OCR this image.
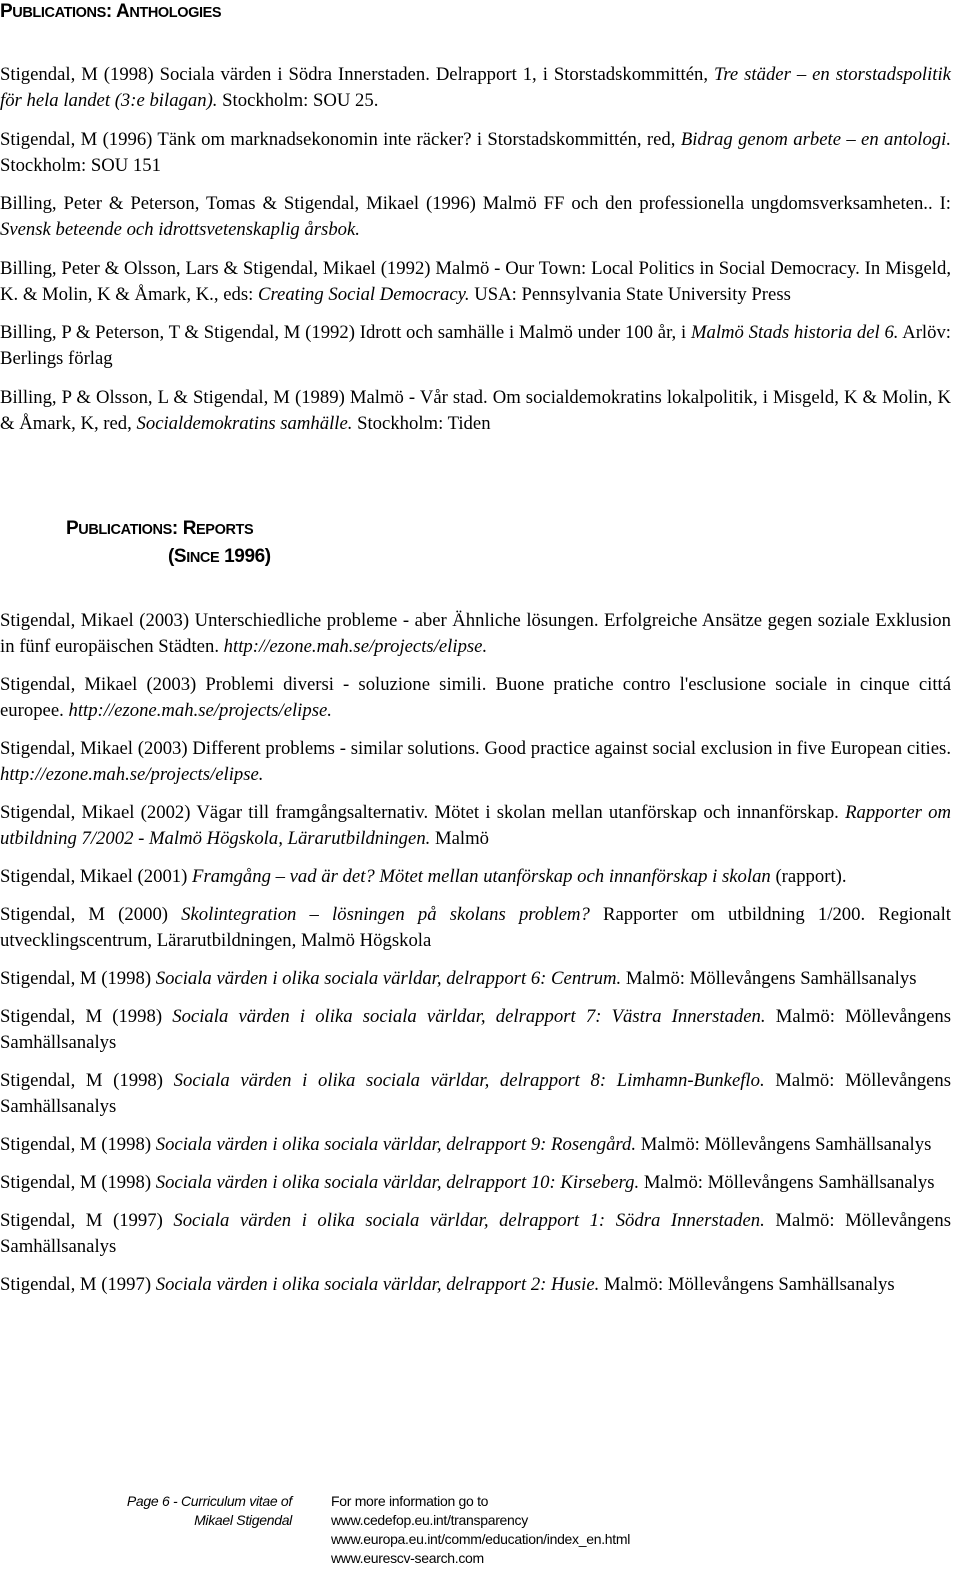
PUBLICATIONS: ANTHOLOGIES

Stigendal, M (1998) Sociala värden i Södra Innerstaden. Delrapport 1, i Storstadskommittén, Tre städer – en storstadspolitik för hela landet (3:e bilagan). Stockholm: SOU 25.

Stigendal, M (1996) Tänk om marknadsekonomin inte räcker? i Storstadskommittén, red, Bidrag genom arbete – en antologi. Stockholm: SOU 151

Billing, Peter & Peterson, Tomas & Stigendal, Mikael (1996) Malmö FF och den professionella ungdomsverksamheten.. I: Svensk beteende och idrottsvetenskaplig årsbok.

Billing, Peter & Olsson, Lars & Stigendal, Mikael (1992) Malmö - Our Town: Local Politics in Social Democracy. In Misgeld, K. & Molin, K & Åmark, K., eds: Creating Social Democracy. USA: Pennsylvania State University Press

Billing, P & Peterson, T & Stigendal, M (1992) Idrott och samhälle i Malmö under 100 år, i Malmö Stads historia del 6. Arlöv: Berlings förlag

Billing, P & Olsson, L & Stigendal, M (1989) Malmö - Vår stad. Om socialdemokratins lokalpolitik, i Misgeld, K & Molin, K & Åmark, K, red, Socialdemokratins samhälle. Stockholm: Tiden

PUBLICATIONS: REPORTS
(SINCE 1996)

Stigendal, Mikael (2003) Unterschiedliche probleme - aber Ähnliche lösungen. Erfolgreiche Ansätze gegen soziale Exklusion in fünf europäischen Städten. http://ezone.mah.se/projects/elipse.

Stigendal, Mikael (2003) Problemi diversi - soluzione simili. Buone pratiche contro l'esclusione sociale in cinque cittá europee. http://ezone.mah.se/projects/elipse.

Stigendal, Mikael (2003) Different problems - similar solutions. Good practice against social exclusion in five European cities. http://ezone.mah.se/projects/elipse.

Stigendal, Mikael (2002) Vägar till framgångsalternativ. Mötet i skolan mellan utanförskap och innanförskap. Rapporter om utbildning 7/2002 - Malmö Högskola, Lärarutbildningen. Malmö

Stigendal, Mikael (2001) Framgång – vad är det? Mötet mellan utanförskap och innanförskap i skolan (rapport).

Stigendal, M (2000) Skolintegration – lösningen på skolans problem? Rapporter om utbildning 1/200. Regionalt utvecklingscentrum, Lärarutbildningen, Malmö Högskola

Stigendal, M (1998) Sociala värden i olika sociala världar, delrapport 6: Centrum. Malmö: Möllevångens Samhällsanalys

Stigendal, M (1998) Sociala värden i olika sociala världar, delrapport 7: Västra Innerstaden. Malmö: Möllevångens Samhällsanalys

Stigendal, M (1998) Sociala värden i olika sociala världar, delrapport 8: Limhamn-Bunkeflo. Malmö: Möllevångens Samhällsanalys

Stigendal, M (1998) Sociala värden i olika sociala världar, delrapport 9: Rosengård. Malmö: Möllevångens Samhällsanalys

Stigendal, M (1998) Sociala värden i olika sociala världar, delrapport 10: Kirseberg. Malmö: Möllevångens Samhällsanalys

Stigendal, M (1997) Sociala värden i olika sociala världar, delrapport 1: Södra Innerstaden. Malmö: Möllevångens Samhällsanalys

Stigendal, M (1997) Sociala värden i olika sociala världar, delrapport 2: Husie. Malmö: Möllevångens Samhällsanalys

Page 6 - Curriculum vitae of
Mikael Stigendal
For more information go to
www.cedefop.eu.int/transparency
www.europa.eu.int/comm/education/index_en.html
www.eurescv-search.com
